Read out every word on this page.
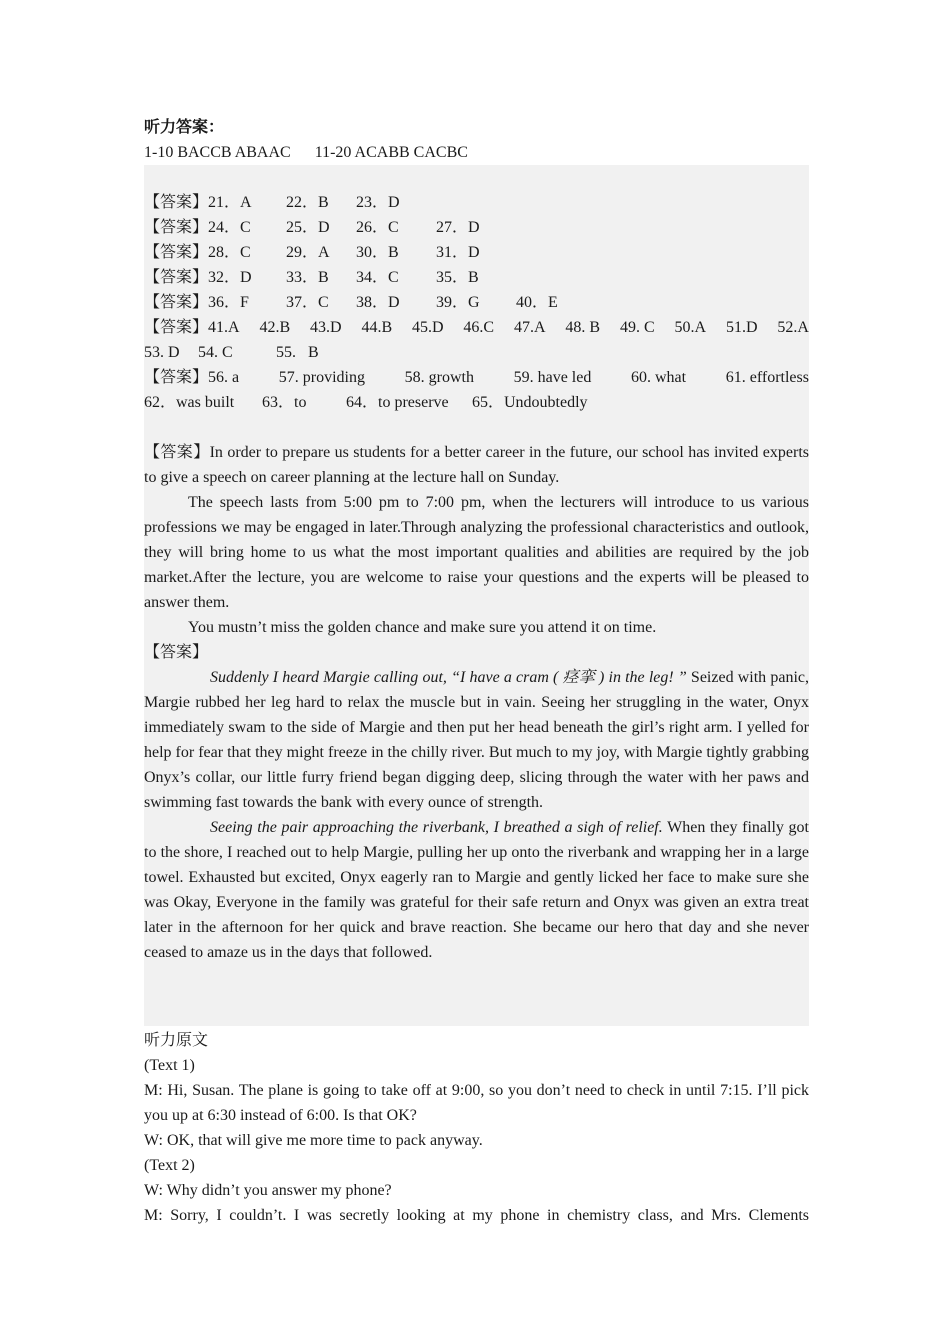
听力答案：
1-10 BACCB ABAAC      11-20 ACABB CACBC
【答案】 21．A	22．B	23．D
【答案】 24．C	25．D	26．C	27．D
【答案】 28．C	29．A	30．B	31．D
【答案】 32．D	33．B	34．C	35．B
【答案】 36．F	37．C	38．D	39．G	40．E
【答案】41.A 42.B 43.D 44.B 45.D 46.C 47.A 48. B 49. C 50.A 51.D 52.A
53. D	54. C	55.   B
【答案】56. a 57. providing 58. growth 59. have led 60. what 61. effortless
62．was built	63．to	64．to preserve	65．Undoubtedly
【答案】In order to prepare us students for a better career in the future, our school has invited experts to give a speech on career planning at the lecture hall on Sunday.
The speech lasts from 5:00 pm to 7:00 pm, when the lecturers will introduce to us various professions we may be engaged in later.Through analyzing the professional characteristics and outlook, they will bring home to us what the most important qualities and abilities are required by the job market.After the lecture, you are welcome to raise your questions and the experts will be pleased to answer them.
You mustn’t miss the golden chance and make sure you attend it on time.
【答案】
Suddenly I heard Margie calling out, “I have a cram ( 痉挛 ) in the leg! ” Seized with panic, Margie rubbed her leg hard to relax the muscle but in vain. Seeing her struggling in the water, Onyx immediately swam to the side of Margie and then put her head beneath the girl’s right arm. I yelled for help for fear that they might freeze in the chilly river. But much to my joy, with Margie tightly grabbing Onyx’s collar, our little furry friend began digging deep, slicing through the water with her paws and swimming fast towards the bank with every ounce of strength.
Seeing the pair approaching the riverbank, I breathed a sigh of relief. When they finally got to the shore, I reached out to help Margie, pulling her up onto the riverbank and wrapping her in a large towel. Exhausted but excited, Onyx eagerly ran to Margie and gently licked her face to make sure she was Okay, Everyone in the family was grateful for their safe return and Onyx was given an extra treat later in the afternoon for her quick and brave reaction. She became our hero that day and she never ceased to amaze us in the days that followed.
听力原文
(Text 1)
M: Hi, Susan. The plane is going to take off at 9:00, so you don’t need to check in until 7:15. I’ll pick you up at 6:30 instead of 6:00. Is that OK?
W: OK, that will give me more time to pack anyway.
(Text 2)
W: Why didn’t you answer my phone?
M: Sorry, I couldn’t. I was secretly looking at my phone in chemistry class, and Mrs. Clements
